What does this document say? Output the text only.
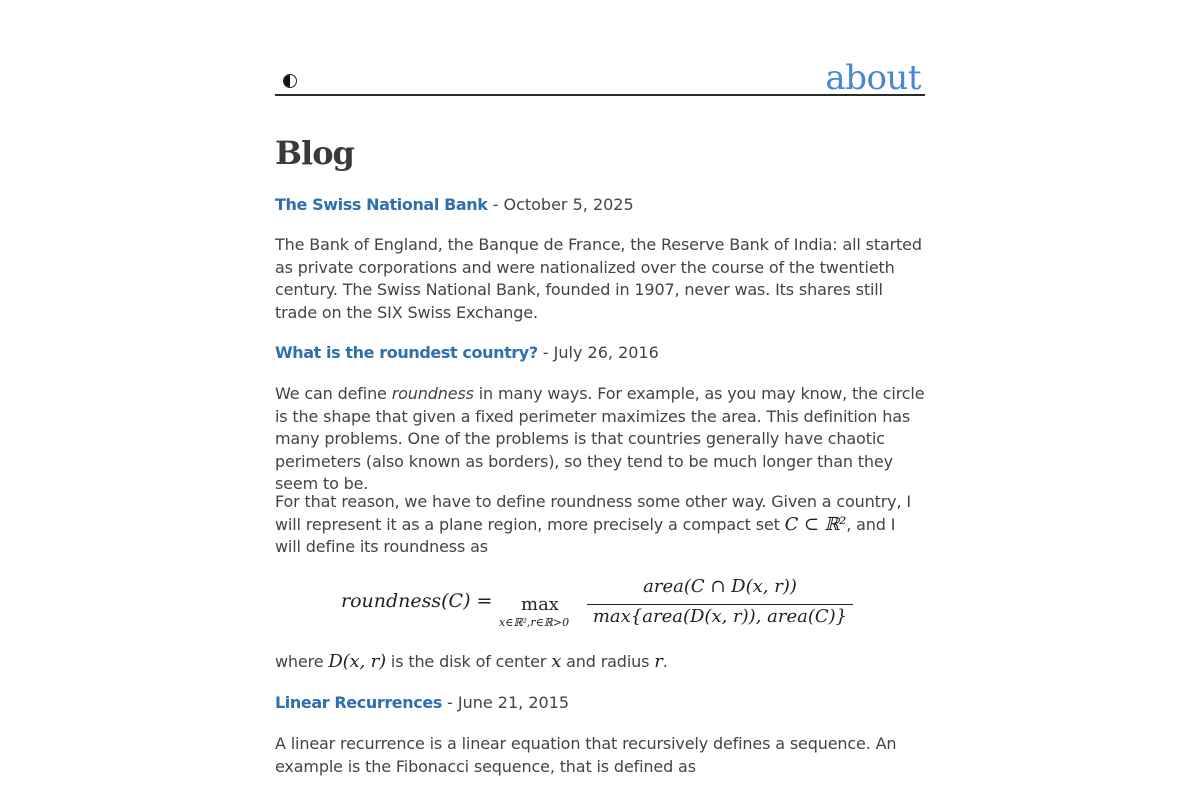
about
Blog
The Swiss National Bank - October 5, 2025

The Bank of England, the Banque de France, the Reserve Bank of India: all started as private corporations and were nationalized over the course of the twentieth century. The Swiss National Bank, founded in 1907, never was. Its shares still trade on the SIX Swiss Exchange.

What is the roundest country? - July 26, 2016

We can define roundness in many ways. For example, as you may know, the circle is the shape that given a fixed perimeter maximizes the area. This definition has many problems. One of the problems is that countries generally have chaotic perimeters (also known as borders), so they tend to be much longer than they seem to be.

For that reason, we have to define roundness some other way. Given a country, I will represent it as a plane region, more precisely a compact set C ⊂ ℝ², and I will define its roundness as

roundness(C) = max
x∈ℝ²,r∈ℝ>0
area(C ∩ D(x, r))
max{area(D(x, r)), area(C)}

where D(x, r) is the disk of center x and radius r.

Linear Recurrences - June 21, 2015

A linear recurrence is a linear equation that recursively defines a sequence. An example is the Fibonacci sequence, that is defined as
